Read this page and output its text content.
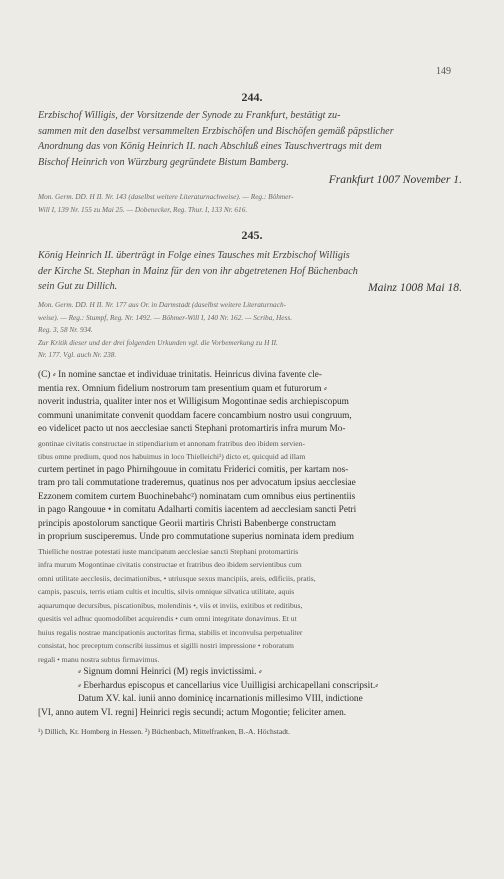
149
244.
Erzbischof Willigis, der Vorsitzende der Synode zu Frankfurt, bestätigt zu-
sammen mit den daselbst versammelten Erzbischöfen und Bischöfen gemäß päpstlicher
Anordnung das von König Heinrich II. nach Abschluß eines Tauschvertrags mit dem
Bischof Heinrich von Würzburg gegründete Bistum Bamberg.
Frankfurt 1007 November 1.
Mon. Germ. DD. H II. Nr. 143 (daselbst weitere Literaturnachweise). — Reg.: Böhmer-
Will I, 139 Nr. 155 zu Mai 25. — Dobenecker, Reg. Thur. I, 133 Nr. 616.
245.
König Heinrich II. überträgt in Folge eines Tausches mit Erzbischof Willigis
der Kirche St. Stephan in Mainz für den von ihr abgetretenen Hof Büchenbach
sein Gut zu Dillich.	Mainz 1008 Mai 18.
Mon. Germ. DD. H II. Nr. 177 aus Or. in Darmstadt (daselbst weitere Literaturnach-
weise). — Reg.: Stumpf, Reg. Nr. 1492. — Böhmer-Will I, 140 Nr. 162. — Scriba, Hess.
Reg. 3, 58 Nr. 934.
Zur Kritik dieser und der drei folgenden Urkunden vgl. die Vorbemerkung zu H II.
Nr. 177. Vgl. auch Nr. 238.
(C) ⸗ In nomine sanctae et individuae trinitatis. Heinricus divina favente cle-
mentia rex. Omnium fidelium nostrorum tam presentium quam et futurorum ⸗
noverit industria, qualiter inter nos et Willigisum Mogontinae sedis archiepiscopum
communi unanimitate convenit quoddam facere concambium nostro usui congruum,
eo videlicet pacto ut nos aecclesiae sancti Stephani protomartiris infra murum Mo-
gontinae civitatis constructae in stipendiarium et annonam fratribus deo ibidem servien-
tibus omne predium, quod nos habuimus in loco Thielleichi¹) dicto et, quicquid ad illam
curtem pertinet in pago Phirnihgouue in comitatu Friderici comitis, per kartam nos-
tram pro tali commutatione traderemus, quatinus nos per advocatum ipsius aecclesiae
Ezzonem comitem curtem Buochinebahc²) nominatam cum omnibus eius pertinentiis
in pago Rangouue • in comitatu Adalharti comitis iacentem ad aecclesiam sancti Petri
principis apostolorum sanctique Georii martiris Christi Babenberge constructam
in proprium susciperemus. Unde pro commutatione superius nominata idem predium
Thielliche nostrae potestati iuste mancipatum aecclesiae sancti Stephani protomartiris
infra murum Mogontinae civitatis constructae et fratribus deo ibidem servientibus cum
omni utilitate aecclesiis, decimationibus, • utriusque sexus mancipiis, areis, edificiis, pratis,
campis, pascuis, terris etiam cultis et incultis, silvis omnique silvatica utilitate, aquis
aquarumque decursibus, piscationibus, molendinis •, viis et inviis, exitibus et reditibus,
quesitis vel adhuc quomodolibet acquirendis • cum omni integritate donavimus. Et ut
huius regalis nostrae mancipationis auctoritas firma, stabilis et inconvulsa perpetualiter
consistat, hoc preceptum conscribi iussimus et sigilli nostri impressione • roboratum
regali • manu nostra subtus firmavimus.
⸗ Signum domni Heinrici (M) regis invictissimi. ⸗
⸗ Eberhardus episcopus et cancellarius vice Uuilligisi archicapellani conscripsit.⸗
Datum XV. kal. iunii anno dominicę incarnationis millesimo VIII, indictione
[VI, anno autem VI. regni] Heinrici regis secundi; actum Mogontie; feliciter amen.
¹) Dillich, Kr. Homberg in Hessen. ²) Büchenbach, Mittelfranken, B.-A. Höchstadt.
